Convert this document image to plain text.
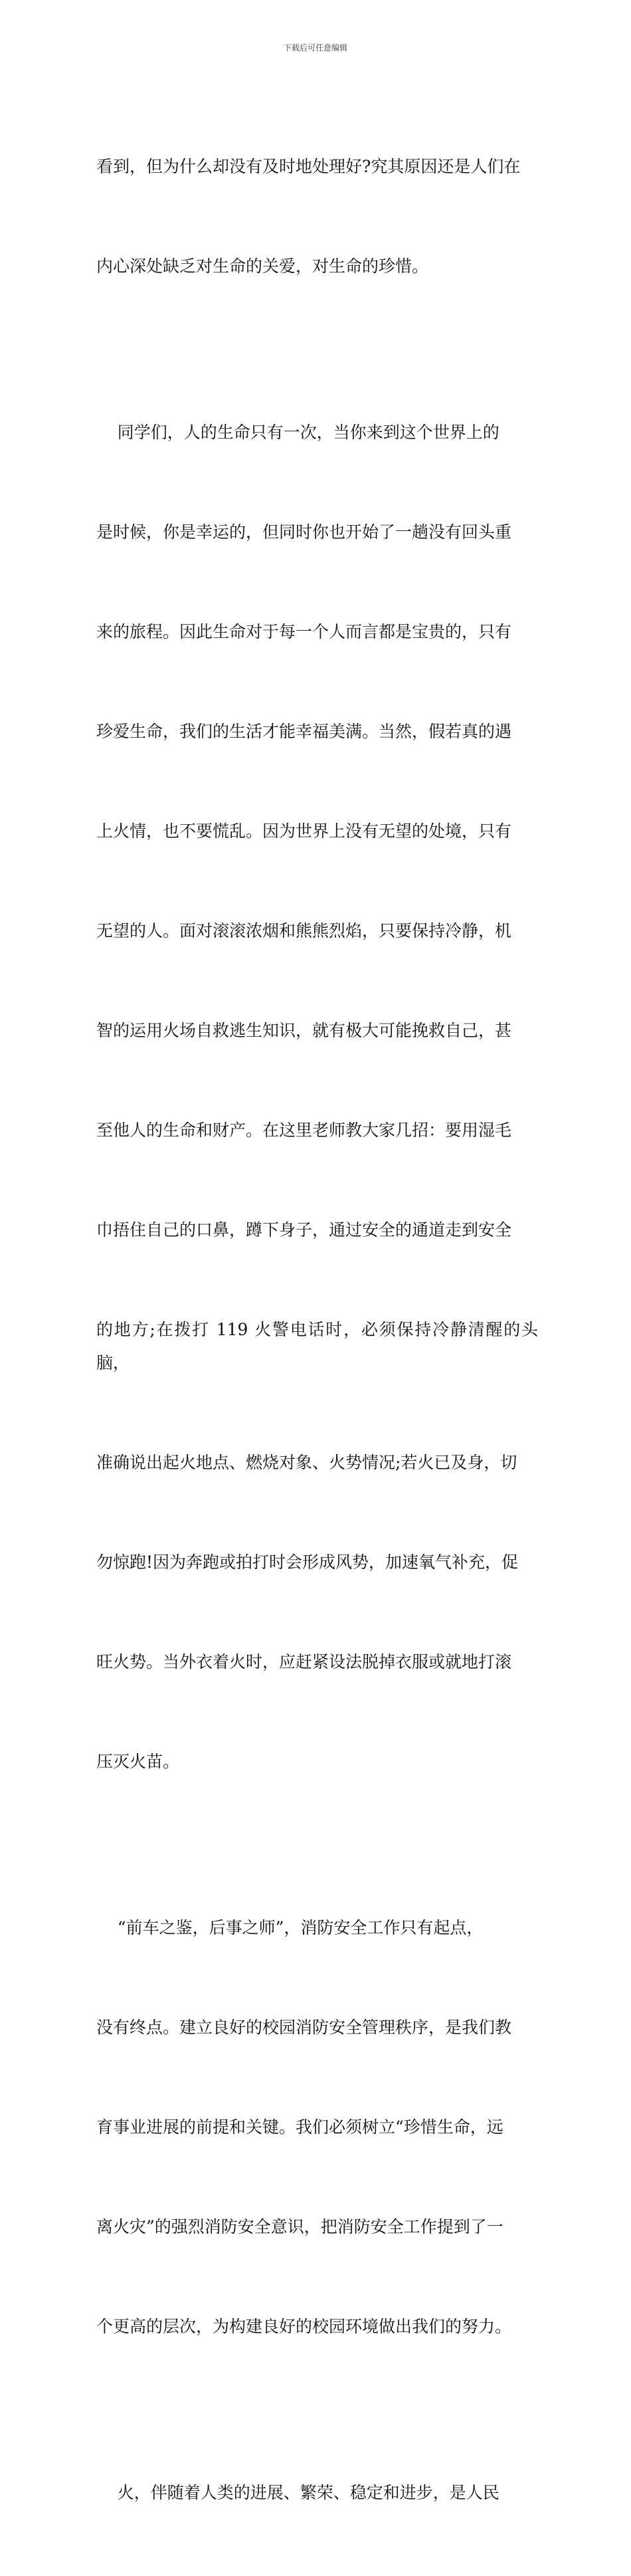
下载后可任意编辑

看到，但为什么却没有及时地处理好?究其原因还是人们在

内心深处缺乏对生命的关爱，对生命的珍惜。

同学们，人的生命只有一次，当你来到这个世界上的

是时候，你是幸运的，但同时你也开始了一趟没有回头重

来的旅程。因此生命对于每一个人而言都是宝贵的，只有

珍爱生命，我们的生活才能幸福美满。当然，假若真的遇

上火情，也不要慌乱。因为世界上没有无望的处境，只有

无望的人。面对滚滚浓烟和熊熊烈焰，只要保持冷静，机

智的运用火场自救逃生知识，就有极大可能挽救自己，甚

至他人的生命和财产。在这里老师教大家几招：要用湿毛

巾捂住自己的口鼻，蹲下身子，通过安全的通道走到安全

的地方;在拨打 119 火警电话时，必须保持冷静清醒的头脑，

准确说出起火地点、燃烧对象、火势情况;若火已及身，切

勿惊跑!因为奔跑或拍打时会形成风势，加速氧气补充，促

旺火势。当外衣着火时，应赶紧设法脱掉衣服或就地打滚

压灭火苗。

“前车之鉴，后事之师”，消防安全工作只有起点，

没有终点。建立良好的校园消防安全管理秩序，是我们教

育事业进展的前提和关键。我们必须树立“珍惜生命，远

离火灾”的强烈消防安全意识，把消防安全工作提到了一

个更高的层次，为构建良好的校园环境做出我们的努力。

火，伴随着人类的进展、繁荣、稳定和进步，是人民
